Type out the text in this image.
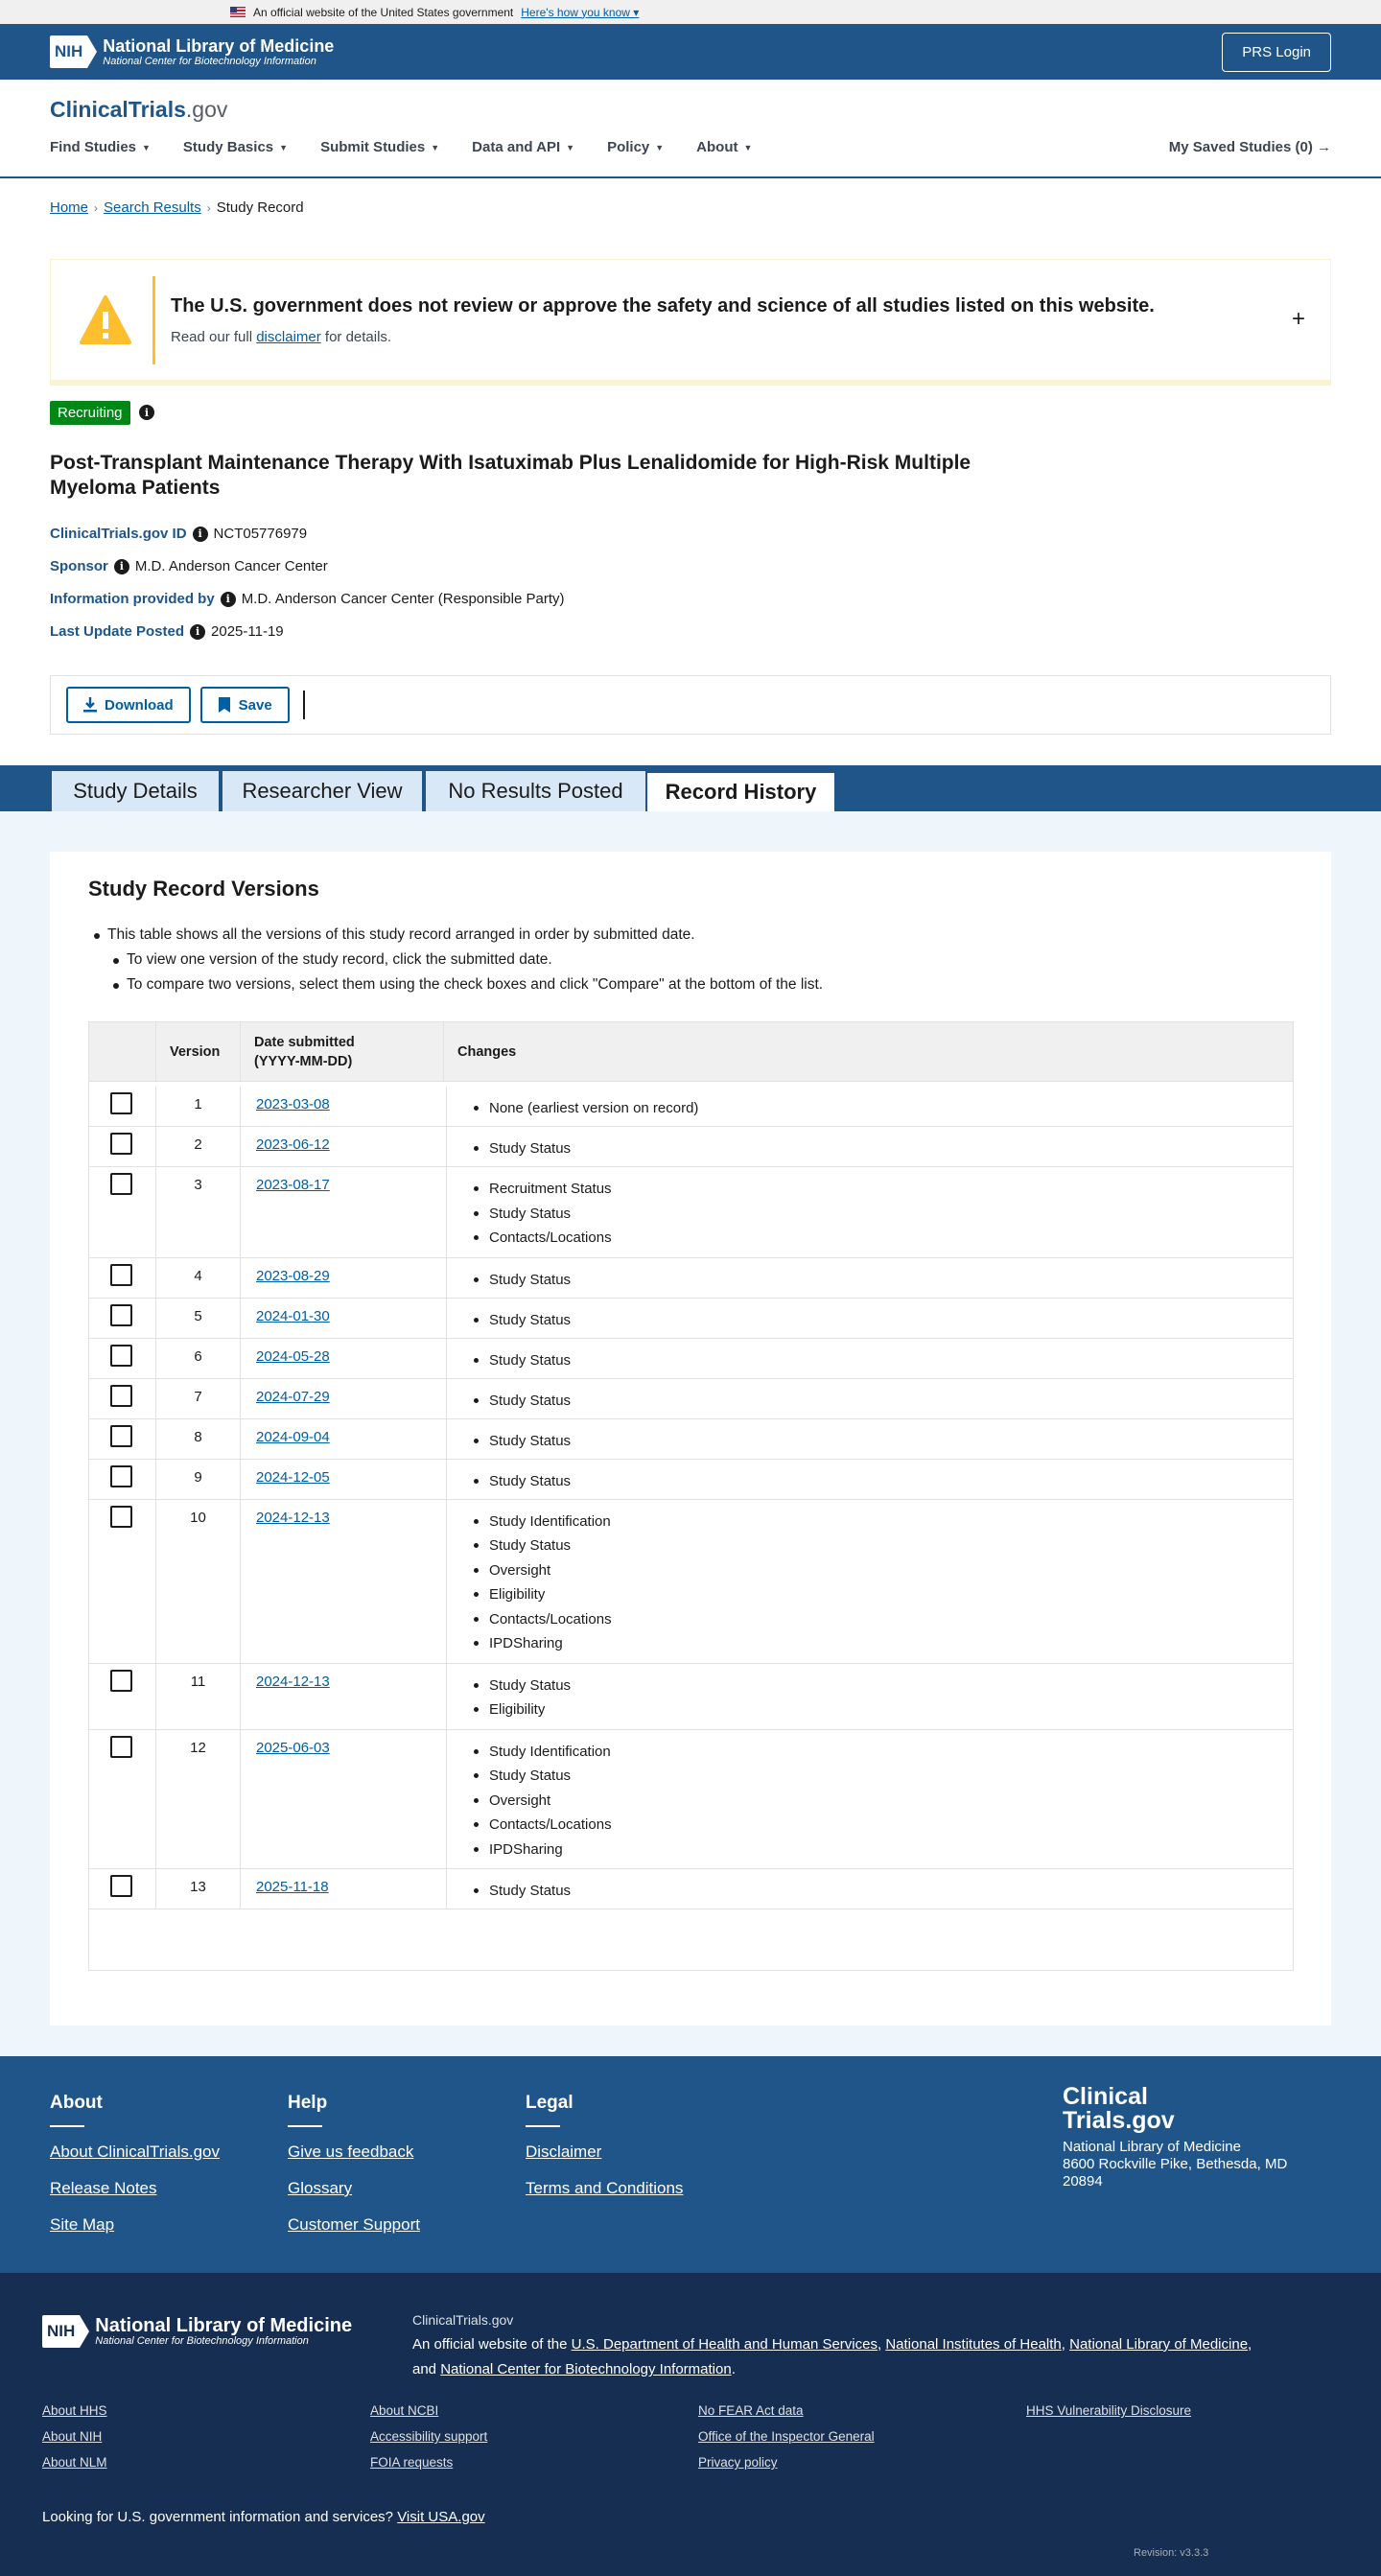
An official website of the United States government Here's how you know ▾
NIH National Library of Medicine
National Center for Biotechnology Information
PRS Login
ClinicalTrials.gov
Find Studies ▼ Study Basics ▼ Submit Studies ▼ Data and API ▼ Policy ▼ About ▼	My Saved Studies (0) →
Home › Search Results › Study Record
The U.S. government does not review or approve the safety and science of all studies listed on this website.
Read our full disclaimer for details.
+
Recruiting	i
Post-Transplant Maintenance Therapy With Isatuximab Plus Lenalidomide for High-Risk Multiple Myeloma Patients
ClinicalTrials.gov ID	i NCT05776979
Sponsor	i M.D. Anderson Cancer Center
Information provided by	i M.D. Anderson Cancer Center (Responsible Party)
Last Update Posted	i 2025-11-19
Download	Save
Study Details	Researcher View	No Results Posted	Record History
Study Record Versions
This table shows all the versions of this study record arranged in order by submitted date.
To view one version of the study record, click the submitted date.
To compare two versions, select them using the check boxes and click "Compare" at the bottom of the list.
Version
Date submitted
(YYYY-MM-DD)
Changes
1	2023-03-08	None (earliest version on record)
2	2023-06-12	Study Status
3	2023-08-17	Recruitment Status
Study Status
Contacts/Locations
4	2023-08-29	Study Status
5	2024-01-30	Study Status
6	2024-05-28	Study Status
7	2024-07-29	Study Status
8	2024-09-04	Study Status
9	2024-12-05	Study Status
10	2024-12-13	Study Identification
Study Status
Oversight
Eligibility
Contacts/Locations
IPDSharing
11	2024-12-13	Study Status
Eligibility
12	2025-06-03	Study Identification
Study Status
Oversight
Contacts/Locations
IPDSharing
13	2025-11-18	Study Status
About
About ClinicalTrials.gov
Release Notes
Site Map
Help
Give us feedback
Glossary
Customer Support
Legal
Disclaimer
Terms and Conditions
Clinical
Trials.gov
National Library of Medicine
8600 Rockville Pike, Bethesda, MD
20894
NIH National Library of Medicine
National Center for Biotechnology Information
ClinicalTrials.gov
An official website of the U.S. Department of Health and Human Services, National Institutes of Health, National Library of Medicine,
and National Center for Biotechnology Information.
About HHS
About NIH
About NLM
About NCBI
Accessibility support
FOIA requests
No FEAR Act data
Office of the Inspector General
Privacy policy
HHS Vulnerability Disclosure
Looking for U.S. government information and services? Visit USA.gov
Revision: v3.3.3
